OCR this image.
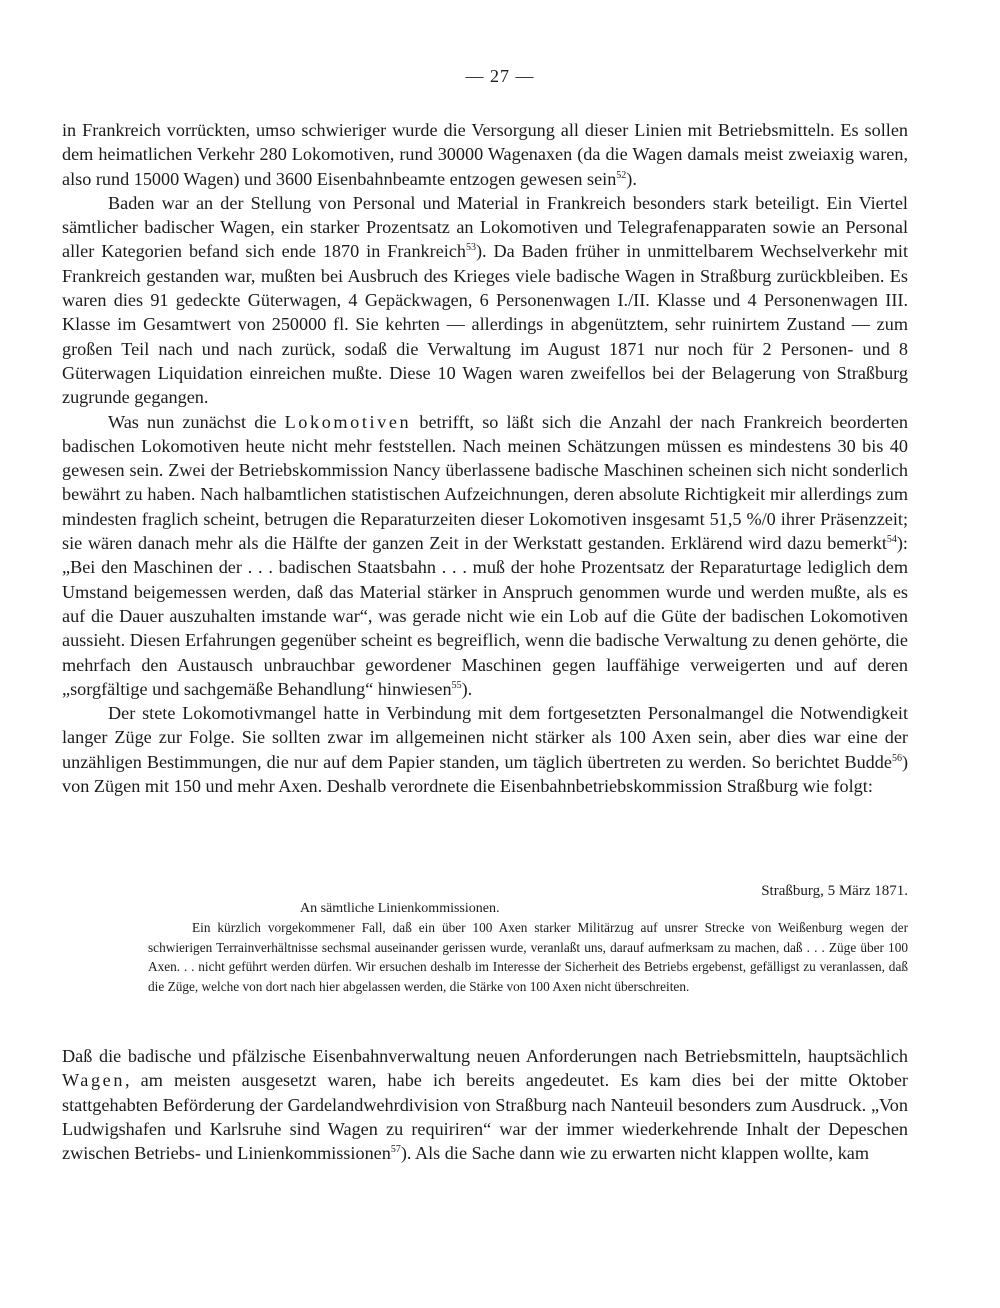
— 27 —

in Frankreich vorrückten, umso schwieriger wurde die Versorgung all dieser Linien mit Betriebsmitteln. Es sollen dem heimatlichen Verkehr 280 Lokomotiven, rund 30000 Wagenaxen (da die Wagen damals meist zweiaxig waren, also rund 15000 Wagen) und 3600 Eisenbahnbeamte entzogen gewesen sein$^{52}$).

Baden war an der Stellung von Personal und Material in Frankreich besonders stark beteiligt. Ein Viertel sämtlicher badischer Wagen, ein starker Prozentsatz an Lokomotiven und Telegrafenapparaten sowie an Personal aller Kategorien befand sich ende 1870 in Frankreich$^{53}$). Da Baden früher in unmittelbarem Wechselverkehr mit Frankreich gestanden war, mußten bei Ausbruch des Krieges viele badische Wagen in Straßburg zurückbleiben. Es waren dies 91 gedeckte Güterwagen, 4 Gepäckwagen, 6 Personenwagen I./II. Klasse und 4 Personenwagen III. Klasse im Gesamtwert von 250000 fl. Sie kehrten — allerdings in abgenütztem, sehr ruinirtem Zustand — zum großen Teil nach und nach zurück, sodaß die Verwaltung im August 1871 nur noch für 2 Personen- und 8 Güterwagen Liquidation einreichen mußte. Diese 10 Wagen waren zweifellos bei der Belagerung von Straßburg zugrunde gegangen.

Was nun zunächst die Lokomotiven betrifft, so läßt sich die Anzahl der nach Frankreich beorderten badischen Lokomotiven heute nicht mehr feststellen. Nach meinen Schätzungen müssen es mindestens 30 bis 40 gewesen sein. Zwei der Betriebskommission Nancy überlassene badische Maschinen scheinen sich nicht sonderlich bewährt zu haben. Nach halbamtlichen statistischen Aufzeichnungen, deren absolute Richtigkeit mir allerdings zum mindesten fraglich scheint, betrugen die Reparaturzeiten dieser Lokomotiven insgesamt 51,5 %/0 ihrer Präsenzzeit; sie wären danach mehr als die Hälfte der ganzen Zeit in der Werkstatt gestanden. Erklärend wird dazu bemerkt$^{54}$): „Bei den Maschinen der . . . badischen Staatsbahn . . . muß der hohe Prozentsatz der Reparaturtage lediglich dem Umstand beigemessen werden, daß das Material stärker in Anspruch genommen wurde und werden mußte, als es auf die Dauer auszuhalten imstande war“, was gerade nicht wie ein Lob auf die Güte der badischen Lokomotiven aussieht. Diesen Erfahrungen gegenüber scheint es begreiflich, wenn die badische Verwaltung zu denen gehörte, die mehrfach den Austausch unbrauchbar gewordener Maschinen gegen lauffähige verweigerten und auf deren „sorgfältige und sachgemäße Behandlung“ hinwiesen$^{55}$).

Der stete Lokomotivmangel hatte in Verbindung mit dem fortgesetzten Personalmangel die Notwendigkeit langer Züge zur Folge. Sie sollten zwar im allgemeinen nicht stärker als 100 Axen sein, aber dies war eine der unzähligen Bestimmungen, die nur auf dem Papier standen, um täglich übertreten zu werden. So berichtet Budde$^{56}$) von Zügen mit 150 und mehr Axen. Deshalb verordnete die Eisenbahnbetriebskommission Straßburg wie folgt:

Straßburg, 5 März 1871.
An sämtliche Linienkommissionen.

Ein kürzlich vorgekommener Fall, daß ein über 100 Axen starker Militärzug auf unsrer Strecke von Weißenburg wegen der schwierigen Terrainverhältnisse sechsmal auseinander gerissen wurde, veranlaßt uns, darauf aufmerksam zu machen, daß . . . Züge über 100 Axen. . . nicht geführt werden dürfen. Wir ersuchen deshalb im Interesse der Sicherheit des Betriebs ergebenst, gefälligst zu veranlassen, daß die Züge, welche von dort nach hier abgelassen werden, die Stärke von 100 Axen nicht überschreiten.

Daß die badische und pfälzische Eisenbahnverwaltung neuen Anforderungen nach Betriebsmitteln, hauptsächlich Wagen, am meisten ausgesetzt waren, habe ich bereits angedeutet. Es kam dies bei der mitte Oktober stattgehabten Beförderung der Gardelandwehrdivision von Straßburg nach Nanteuil besonders zum Ausdruck. „Von Ludwigshafen und Karlsruhe sind Wagen zu requiriren“ war der immer wiederkehrende Inhalt der Depeschen zwischen Betriebs- und Linienkommissionen$^{57}$). Als die Sache dann wie zu erwarten nicht klappen wollte, kam
